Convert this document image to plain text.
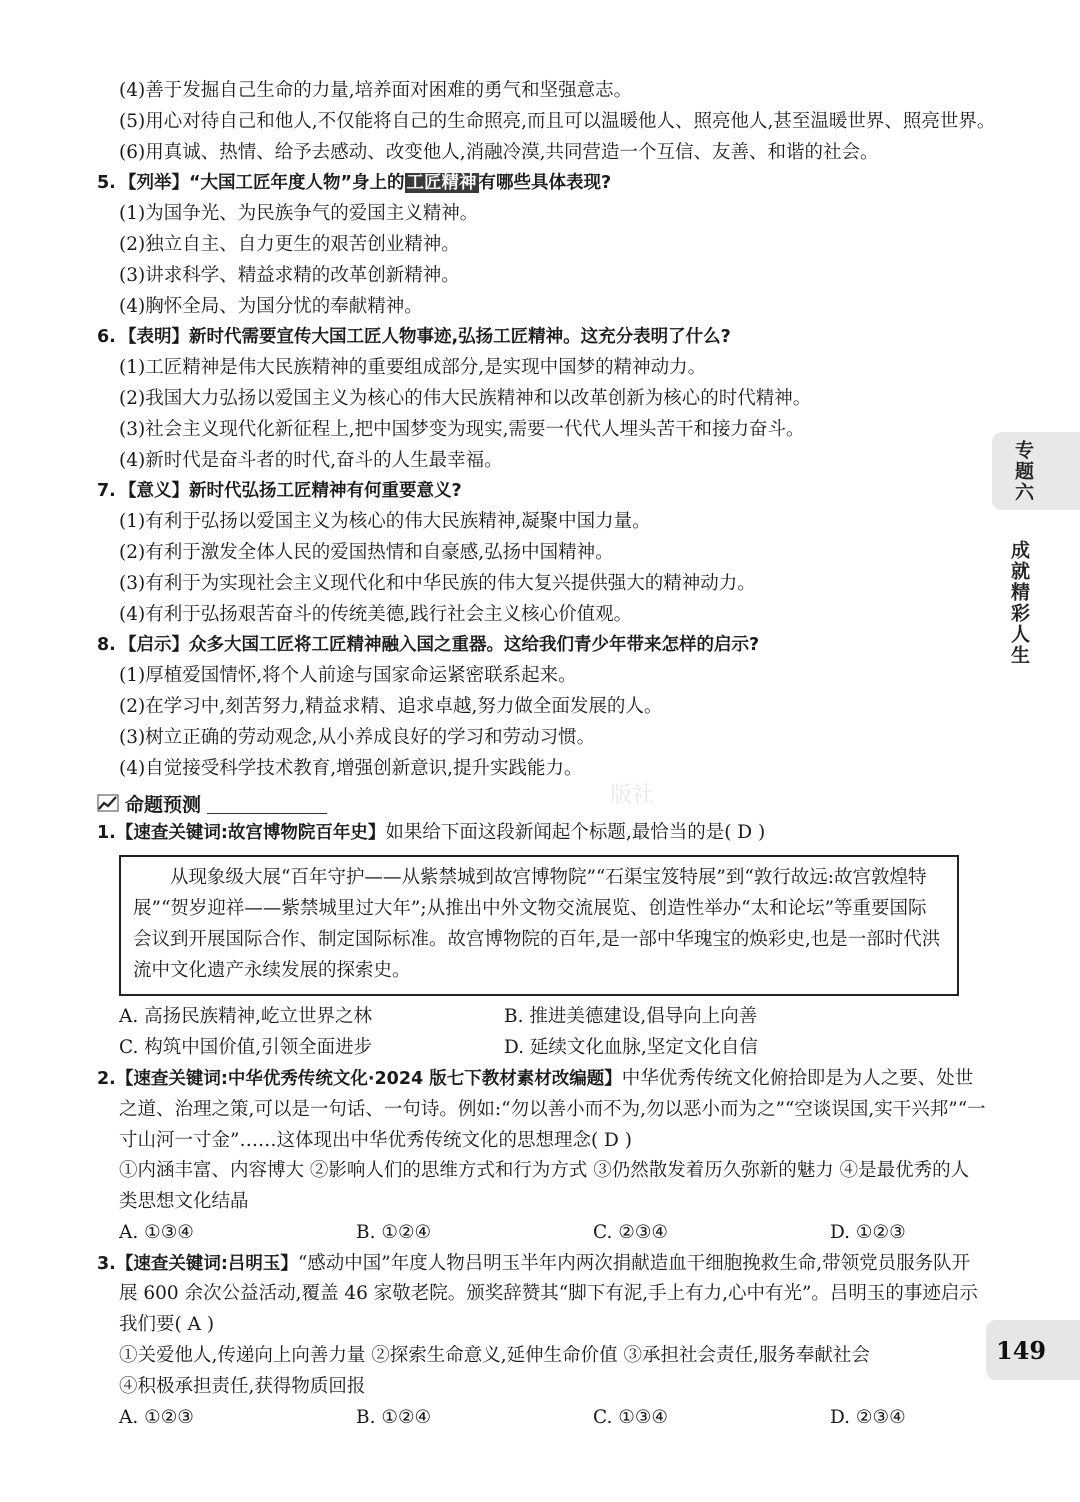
(4)善于发掘自己生命的力量,培养面对困难的勇气和坚强意志。
(5)用心对待自己和他人,不仅能将自己的生命照亮,而且可以温暖他人、照亮他人,甚至温暖世界、照亮世界。
(6)用真诚、热情、给予去感动、改变他人,消融冷漠,共同营造一个互信、友善、和谐的社会。
5. 【列举】“大国工匠年度人物”身上的 工匠精神 有哪些具体表现?
(1)为国争光、为民族争气的爱国主义精神。
(2)独立自主、自力更生的艰苦创业精神。
(3)讲求科学、精益求精的改革创新精神。
(4)胸怀全局、为国分忧的奉献精神。
6. 【表明】新时代需要宣传大国工匠人物事迹,弘扬工匠精神。这充分表明了什么?
(1)工匠精神是伟大民族精神的重要组成部分,是实现中国梦的精神动力。
(2)我国大力弘扬以爱国主义为核心的伟大民族精神和以改革创新为核心的时代精神。
(3)社会主义现代化新征程上,把中国梦变为现实,需要一代代人埋头苦干和接力奋斗。
(4)新时代是奋斗者的时代,奋斗的人生最幸福。
7. 【意义】新时代弘扬工匠精神有何重要意义?
(1)有利于弘扬以爱国主义为核心的伟大民族精神,凝聚中国力量。
(2)有利于激发全体人民的爱国热情和自豪感,弘扬中国精神。
(3)有利于为实现社会主义现代化和中华民族的伟大复兴提供强大的精神动力。
(4)有利于弘扬艰苦奋斗的传统美德,践行社会主义核心价值观。
8. 【启示】众多大国工匠将工匠精神融入国之重器。这给我们青少年带来怎样的启示?
(1)厚植爱国情怀,将个人前途与国家命运紧密联系起来。
(2)在学习中,刻苦努力,精益求精、追求卓越,努力做全面发展的人。
(3)树立正确的劳动观念,从小养成良好的学习和劳动习惯。
(4)自觉接受科学技术教育,增强创新意识,提升实践能力。
命题预测
1.【速查关键词:故宫博物院百年史】如果给下面这段新闻起个标题,最恰当的是( D )
从现象级大展“百年守护——从紫禁城到故宫博物院”“石渠宝笈特展”到“敦行故远:故宫敦煌特展”“贺岁迎祥——紫禁城里过大年”;从推出中外文物交流展览、创造性举办“太和论坛”等重要国际会议到开展国际合作、制定国际标准。故宫博物院的百年,是一部中华瑰宝的焕彩史,也是一部时代洪流中文化遗产永续发展的探索史。
A. 高扬民族精神,屹立世界之林	B. 推进美德建设,倡导向上向善
C. 构筑中国价值,引领全面进步	D. 延续文化血脉,坚定文化自信
2.【速查关键词:中华优秀传统文化·2024 版七下教材素材改编题】中华优秀传统文化俯拾即是为人之要、处世之道、治理之策,可以是一句话、一句诗。例如:“勿以善小而不为,勿以恶小而为之”“空谈误国,实干兴邦”“一寸山河一寸金”……这体现出中华优秀传统文化的思想理念( D )
①内涵丰富、内容博大 ②影响人们的思维方式和行为方式 ③仍然散发着历久弥新的魅力 ④是最优秀的人类思想文化结晶
A. ①③④	B. ①②④	C. ②③④	D. ①②③
3.【速查关键词:吕明玉】“感动中国”年度人物吕明玉半年内两次捐献造血干细胞挽救生命,带领党员服务队开展 600 余次公益活动,覆盖 46 家敬老院。颁奖辞赞其“脚下有泥,手上有力,心中有光”。吕明玉的事迹启示我们要( A )
①关爱他人,传递向上向善力量 ②探索生命意义,延伸生命价值 ③承担社会责任,服务奉献社会
④积极承担责任,获得物质回报
A. ①②③	B. ①②④	C. ①③④	D. ②③④
版社
专题六
成就精彩人生
149
